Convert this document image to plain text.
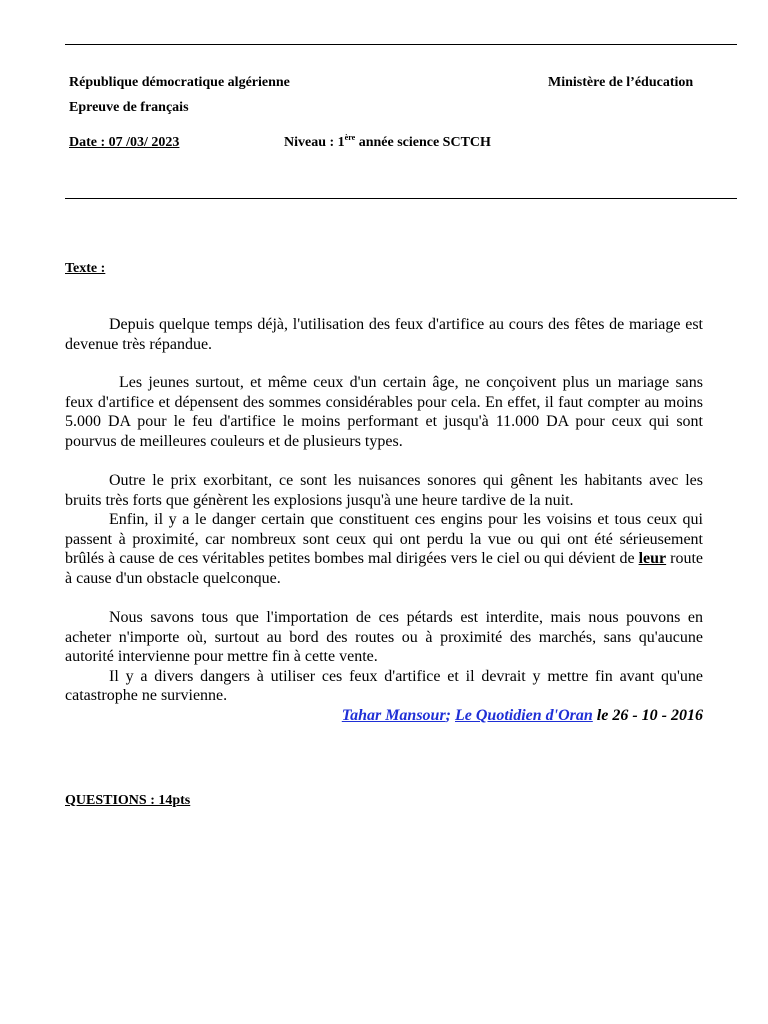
République démocratique algérienne	Ministère de l’éducation
Epreuve de français
Date : 07 /03/ 2023	Niveau : 1ère année science SCTCH
Texte :

Depuis quelque temps déjà, l'utilisation des feux d'artifice au cours des fêtes de mariage est devenue très répandue.

Les jeunes surtout, et même ceux d'un certain âge, ne conçoivent plus un mariage sans feux d'artifice et dépensent des sommes considérables pour cela. En effet, il faut compter au moins 5.000 DA pour le feu d'artifice le moins performant et jusqu'à 11.000 DA pour ceux qui sont pourvus de meilleures couleurs et de plusieurs types.

Outre le prix exorbitant, ce sont les nuisances sonores qui gênent les habitants avec les bruits très forts que génèrent les explosions jusqu'à une heure tardive de la nuit.

Enfin, il y a le danger certain que constituent ces engins pour les voisins et tous ceux qui passent à proximité, car nombreux sont ceux qui ont perdu la vue ou qui ont été sérieusement brûlés à cause de ces véritables petites bombes mal dirigées vers le ciel ou qui dévient de leur route à cause d'un obstacle quelconque.

Nous savons tous que l'importation de ces pétards est interdite, mais nous pouvons en acheter n'importe où, surtout au bord des routes ou à proximité des marchés, sans qu'aucune autorité intervienne pour mettre fin à cette vente.

Il y a divers dangers à utiliser ces feux d'artifice et il devrait y mettre fin avant qu'une catastrophe ne survienne.

Tahar Mansour; Le Quotidien d'Oran le 26 - 10 - 2016
QUESTIONS : 14pts
